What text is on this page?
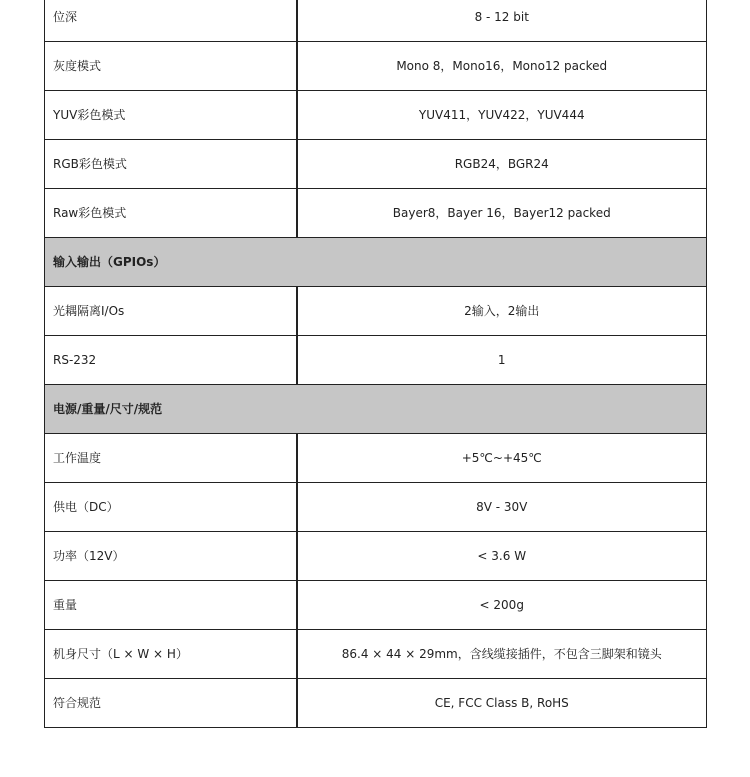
位深	8 - 12 bit
灰度模式	Mono 8，Mono16，Mono12 packed
YUV彩色模式	YUV411，YUV422，YUV444
RGB彩色模式	RGB24，BGR24
Raw彩色模式	Bayer8，Bayer 16，Bayer12 packed
输入输出（GPIOs）	
光耦隔离I/Os	2输入，2输出
RS-232	1
电源/重量/尺寸/规范	
工作温度	+5℃~+45℃
供电（DC）	8V - 30V
功率（12V）	< 3.6 W
重量	< 200g
机身尺寸（L × W × H）	86.4 × 44 × 29mm，含线缆接插件，不包含三脚架和镜头
符合规范	CE, FCC Class B, RoHS
